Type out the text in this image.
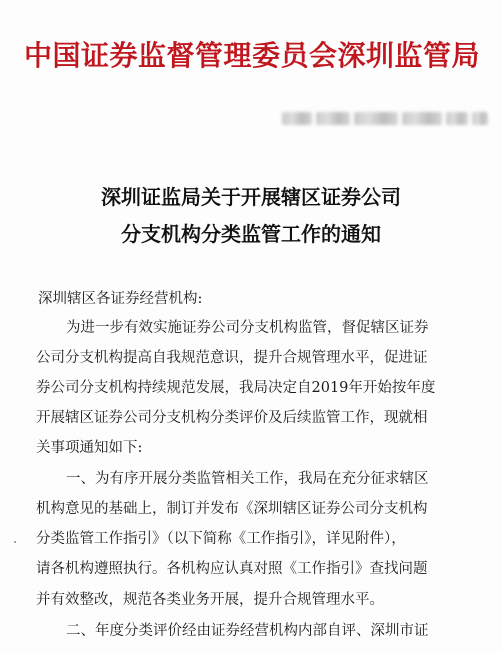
中国证券监督管理委员会深圳监管局
深圳证监局关于开展辖区证券公司
分支机构分类监管工作的通知
深圳辖区各证券经营机构:
为进一步有效实施证券公司分支机构监管，督促辖区证券
公司分支机构提高自我规范意识，提升合规管理水平，促进证
券公司分支机构持续规范发展，我局决定自2019年开始按年度
开展辖区证券公司分支机构分类评价及后续监管工作，现就相
关事项通知如下:
一、为有序开展分类监管相关工作，我局在充分征求辖区
机构意见的基础上，制订并发布《深圳辖区证券公司分支机构
分类监管工作指引》（以下简称《工作指引》，详见附件），
请各机构遵照执行。各机构应认真对照《工作指引》查找问题
并有效整改，规范各类业务开展，提升合规管理水平。
二、年度分类评价经由证券经营机构内部自评、深圳市证
